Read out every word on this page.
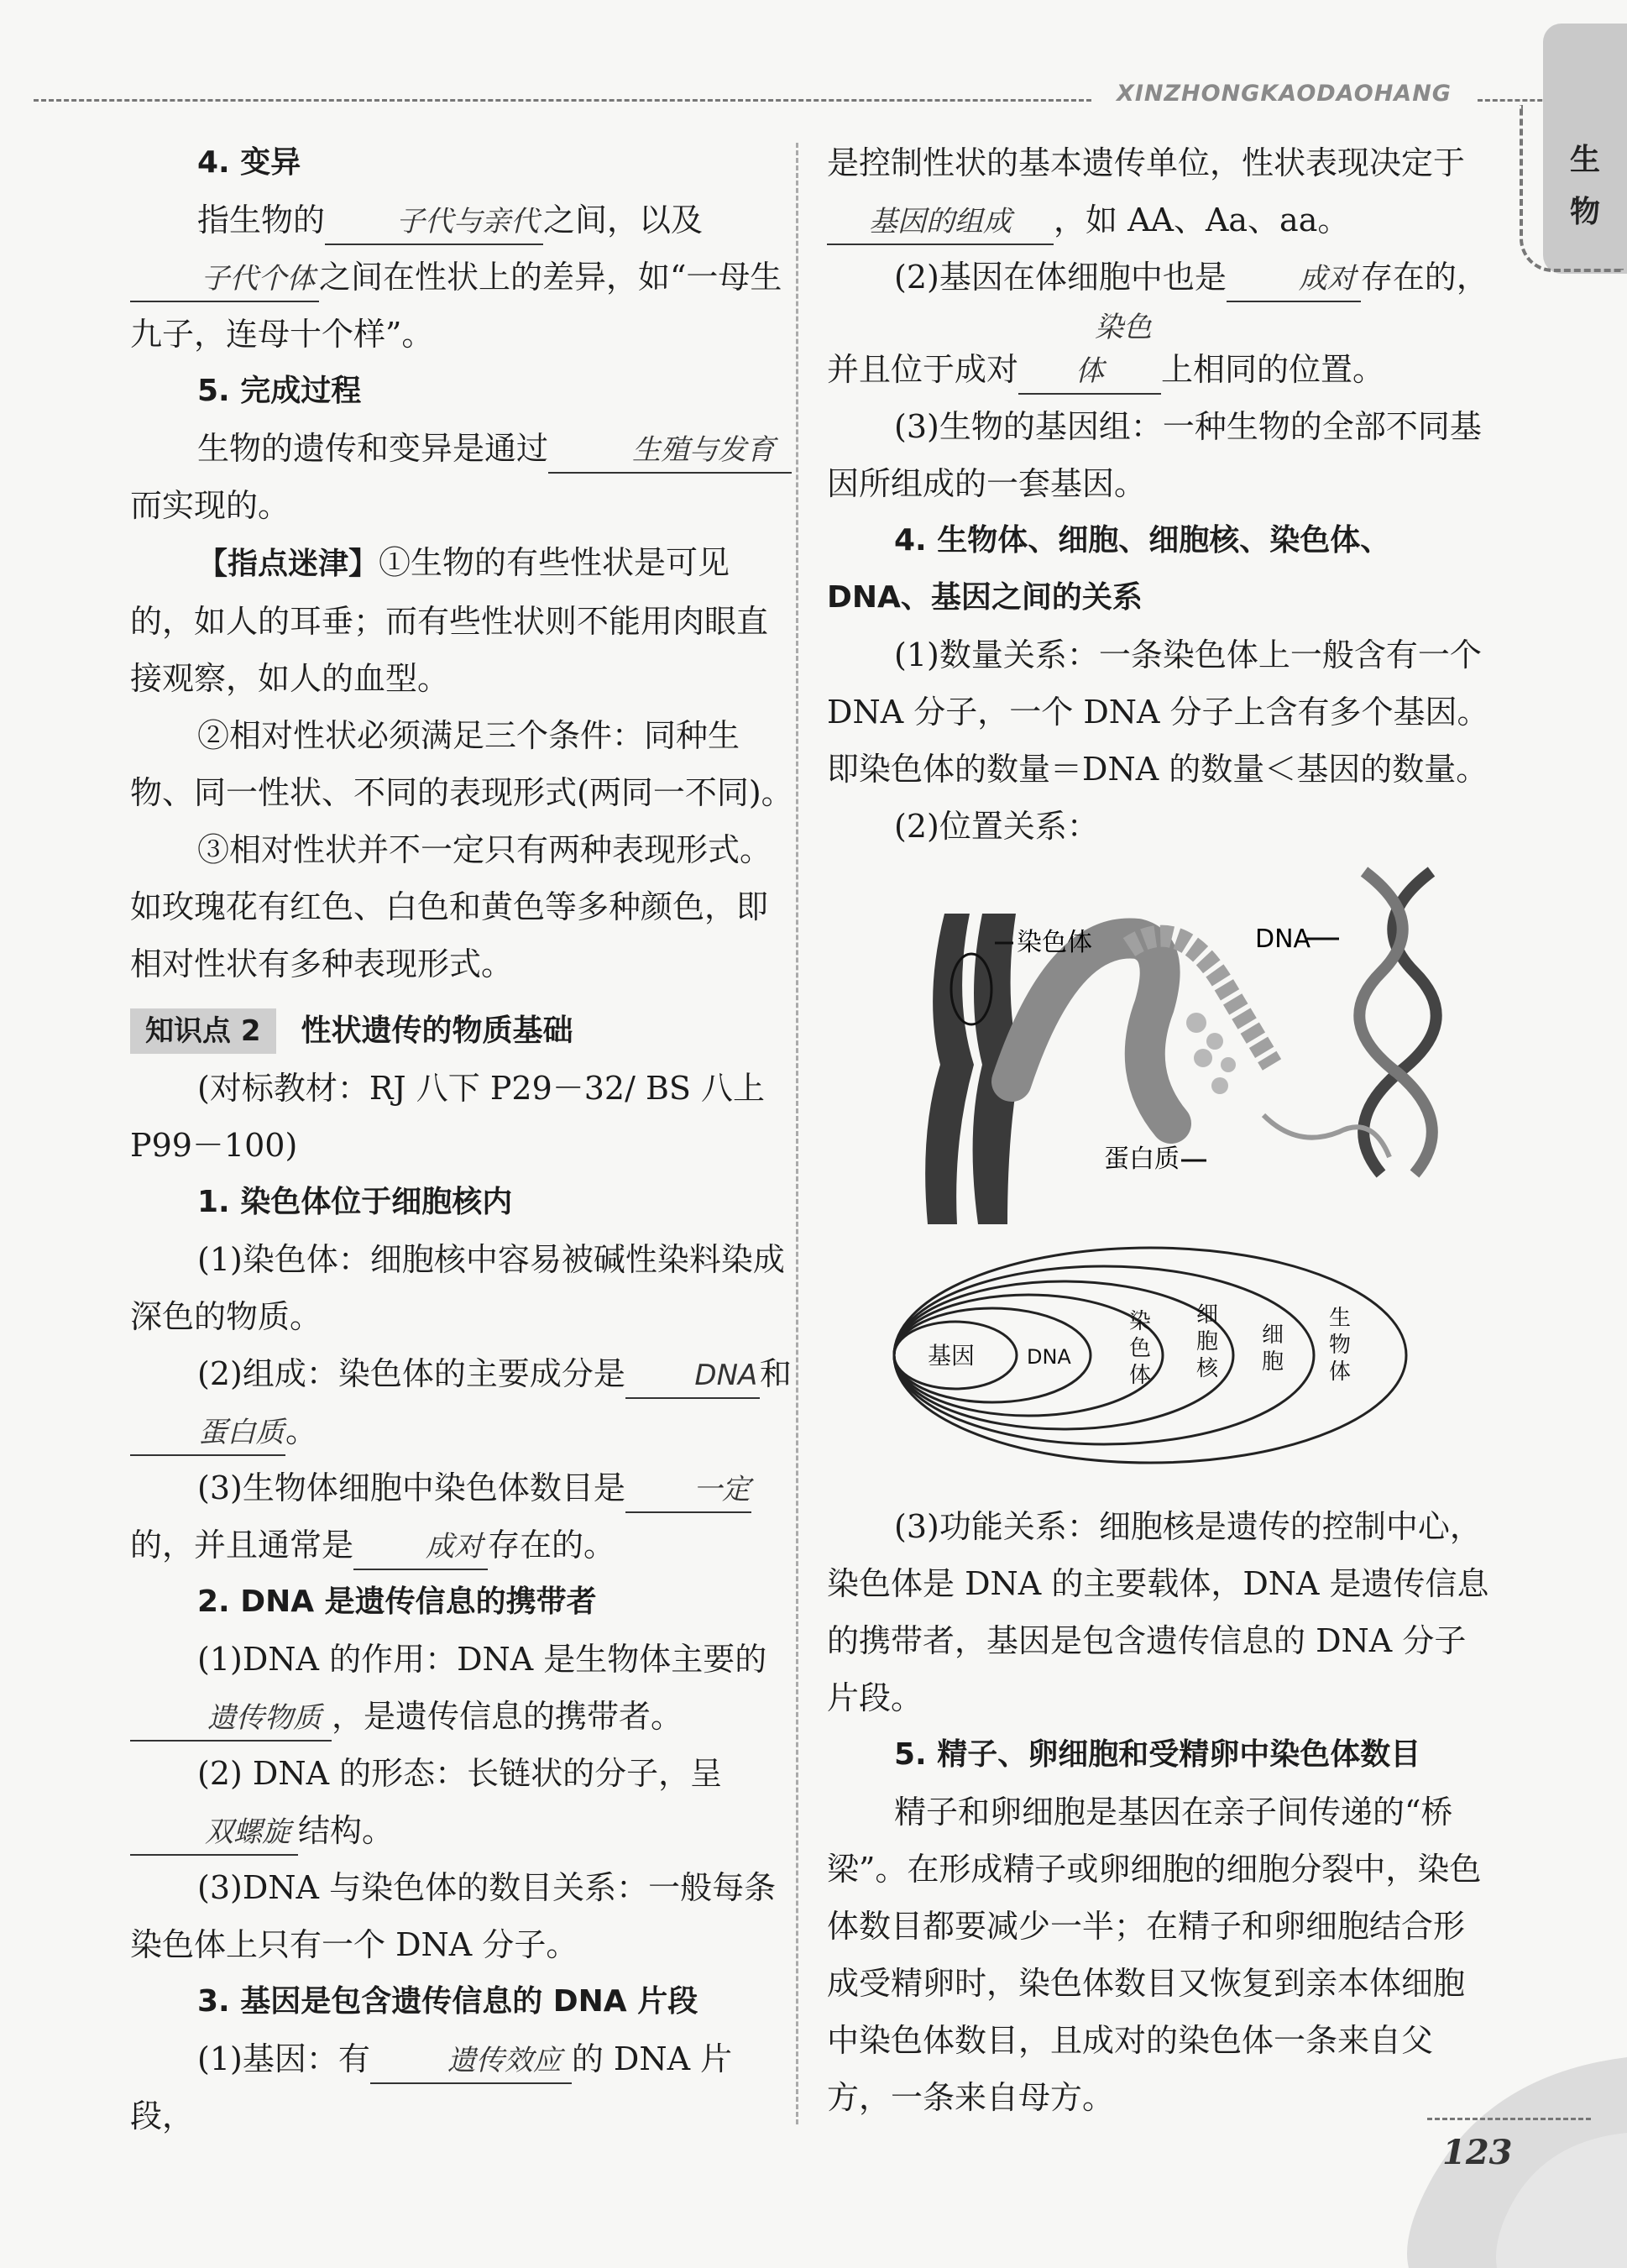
XINZHONGKAODAOHANG
生物

4. 变异

指生物的	子代与亲代 之间，以及子代个体 之间在性状上的差异，如“一母生九子，连母十个样”。

5. 完成过程

生物的遗传和变异是通过	生殖与发育而实现的。

【指点迷津】①生物的有些性状是可见的，如人的耳垂；而有些性状则不能用肉眼直接观察，如人的血型。

②相对性状必须满足三个条件：同种生物、同一性状、不同的表现形式(两同一不同)。

③相对性状并不一定只有两种表现形式。如玫瑰花有红色、白色和黄色等多种颜色，即相对性状有多种表现形式。

知识点 2 性状遗传的物质基础

(对标教材：RJ 八下 P29－32/ BS 八上 P99－100)

1. 染色体位于细胞核内

(1)染色体：细胞核中容易被碱性染料染成深色的物质。

(2)组成：染色体的主要成分是 DNA和蛋白质。

(3)生物体细胞中染色体数目是 一定的，并且通常是	成对 存在的。

2. DNA 是遗传信息的携带者

(1)DNA 的作用：DNA 是生物体主要的遗传物质 ，是遗传信息的携带者。

(2) DNA 的形态：长链状的分子，呈双螺旋 结构。

(3)DNA 与染色体的数目关系：一般每条染色体上只有一个 DNA 分子。

3. 基因是包含遗传信息的 DNA 片段

(1)基因：有	遗传效应 的 DNA 片段，

是控制性状的基本遗传单位，性状表现决定于基因的组成 ，如 AA、Aa、aa。

(2)基因在体细胞中也是	成对 存在的，并且位于成对染色体 上相同的位置。

(3)生物的基因组：一种生物的全部不同基因所组成的一套基因。

4. 生物体、细胞、细胞核、染色体、DNA、基因之间的关系

(1)数量关系：一条染色体上一般含有一个 DNA 分子，一个 DNA 分子上含有多个基因。即染色体的数量＝DNA 的数量＜基因的数量。

(2)位置关系：

染色体	DNA
蛋白质
基因	DNA
染色体
细胞核
细胞
生物体

(3)功能关系：细胞核是遗传的控制中心，染色体是 DNA 的主要载体，DNA 是遗传信息的携带者，基因是包含遗传信息的 DNA 分子片段。

5. 精子、卵细胞和受精卵中染色体数目

精子和卵细胞是基因在亲子间传递的“桥梁”。在形成精子或卵细胞的细胞分裂中，染色体数目都要减少一半；在精子和卵细胞结合形成受精卵时，染色体数目又恢复到亲本体细胞中染色体数目，且成对的染色体一条来自父方，一条来自母方。

123
